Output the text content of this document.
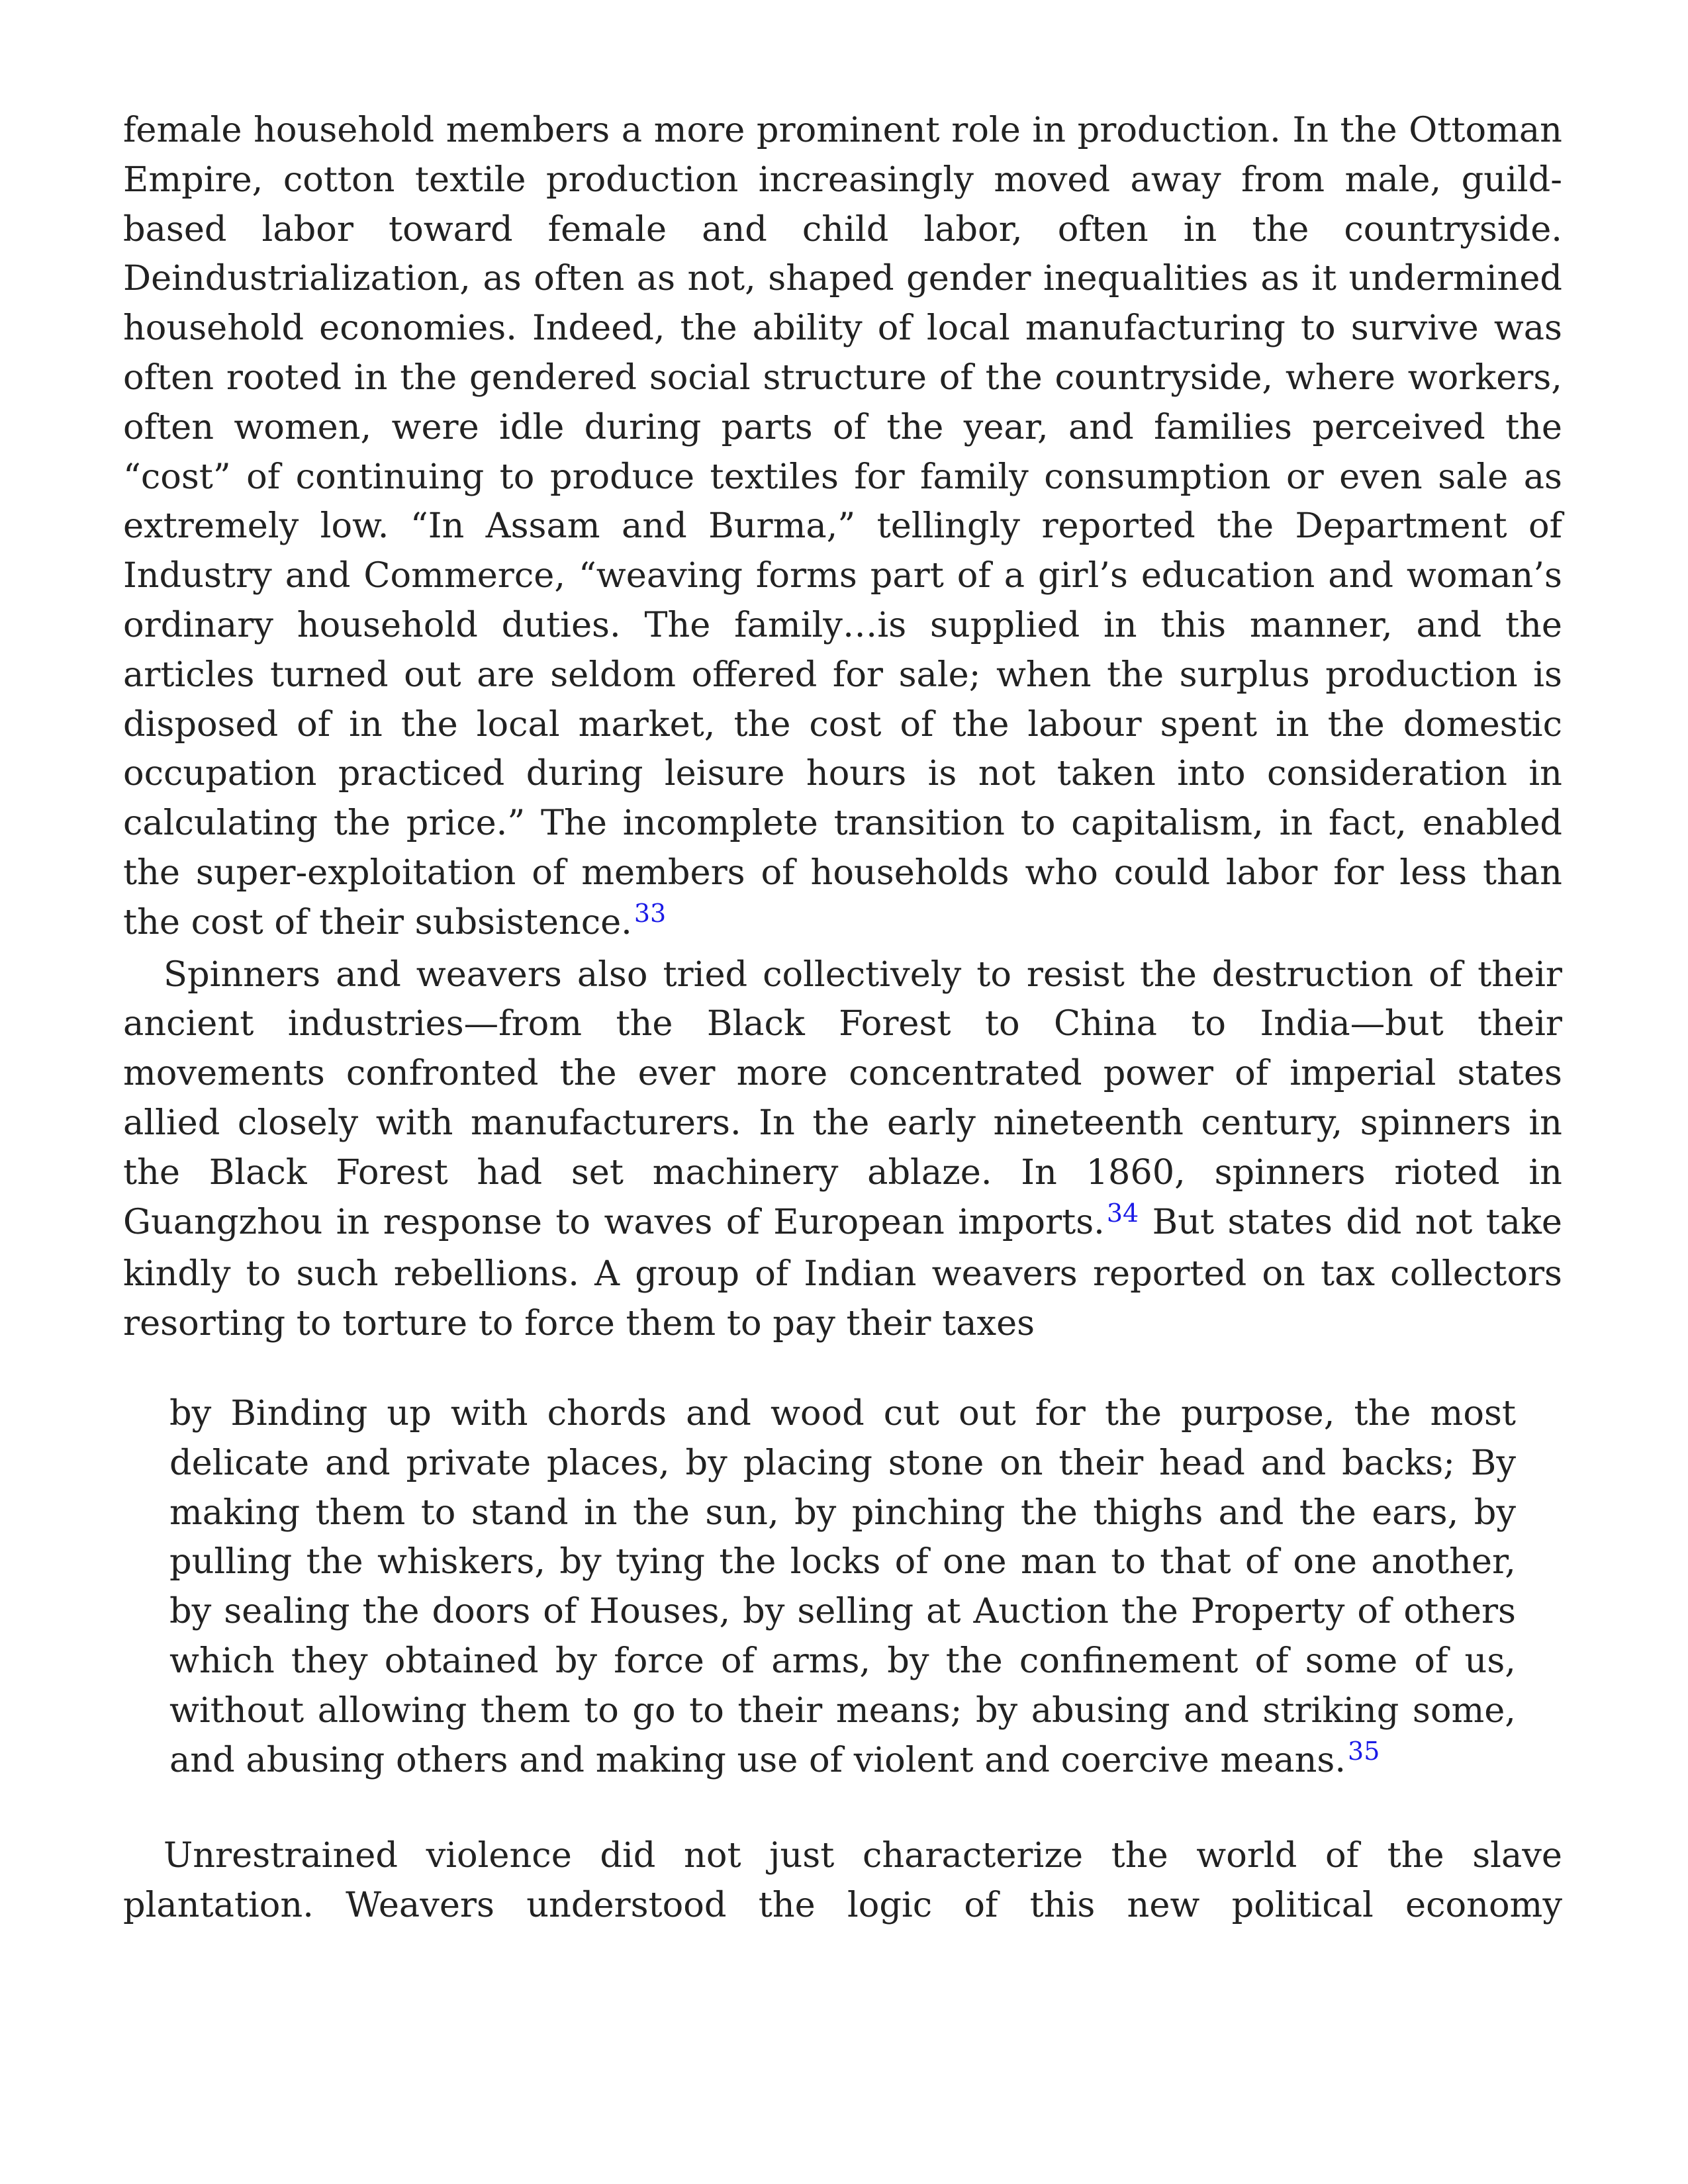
female household members a more prominent role in production. In the Ottoman Empire, cotton textile production increasingly moved away from male, guild-based labor toward female and child labor, often in the countryside. Deindustrialization, as often as not, shaped gender inequalities as it undermined household economies. Indeed, the ability of local manufacturing to survive was often rooted in the gendered social structure of the countryside, where workers, often women, were idle during parts of the year, and families perceived the “cost” of continuing to produce textiles for family consumption or even sale as extremely low. “In Assam and Burma,” tellingly reported the Department of Industry and Commerce, “weaving forms part of a girl’s education and woman’s ordinary household duties. The family…is supplied in this manner, and the articles turned out are seldom offered for sale; when the surplus production is disposed of in the local market, the cost of the labour spent in the domestic occupation practiced during leisure hours is not taken into consideration in calculating the price.” The incomplete transition to capitalism, in fact, enabled the super-exploitation of members of households who could labor for less than the cost of their subsistence.$^{33}$

Spinners and weavers also tried collectively to resist the destruction of their ancient industries—from the Black Forest to China to India—but their movements confronted the ever more concentrated power of imperial states allied closely with manufacturers. In the early nineteenth century, spinners in the Black Forest had set machinery ablaze. In 1860, spinners rioted in Guangzhou in response to waves of European imports.$^{34}$ But states did not take kindly to such rebellions. A group of Indian weavers reported on tax collectors resorting to torture to force them to pay their taxes

by Binding up with chords and wood cut out for the purpose, the most delicate and private places, by placing stone on their head and backs; By making them to stand in the sun, by pinching the thighs and the ears, by pulling the whiskers, by tying the locks of one man to that of one another, by sealing the doors of Houses, by selling at Auction the Property of others which they obtained by force of arms, by the confinement of some of us, without allowing them to go to their means; by abusing and striking some, and abusing others and making use of violent and coercive means.$^{35}$

Unrestrained violence did not just characterize the world of the slave plantation. Weavers understood the logic of this new political economy
